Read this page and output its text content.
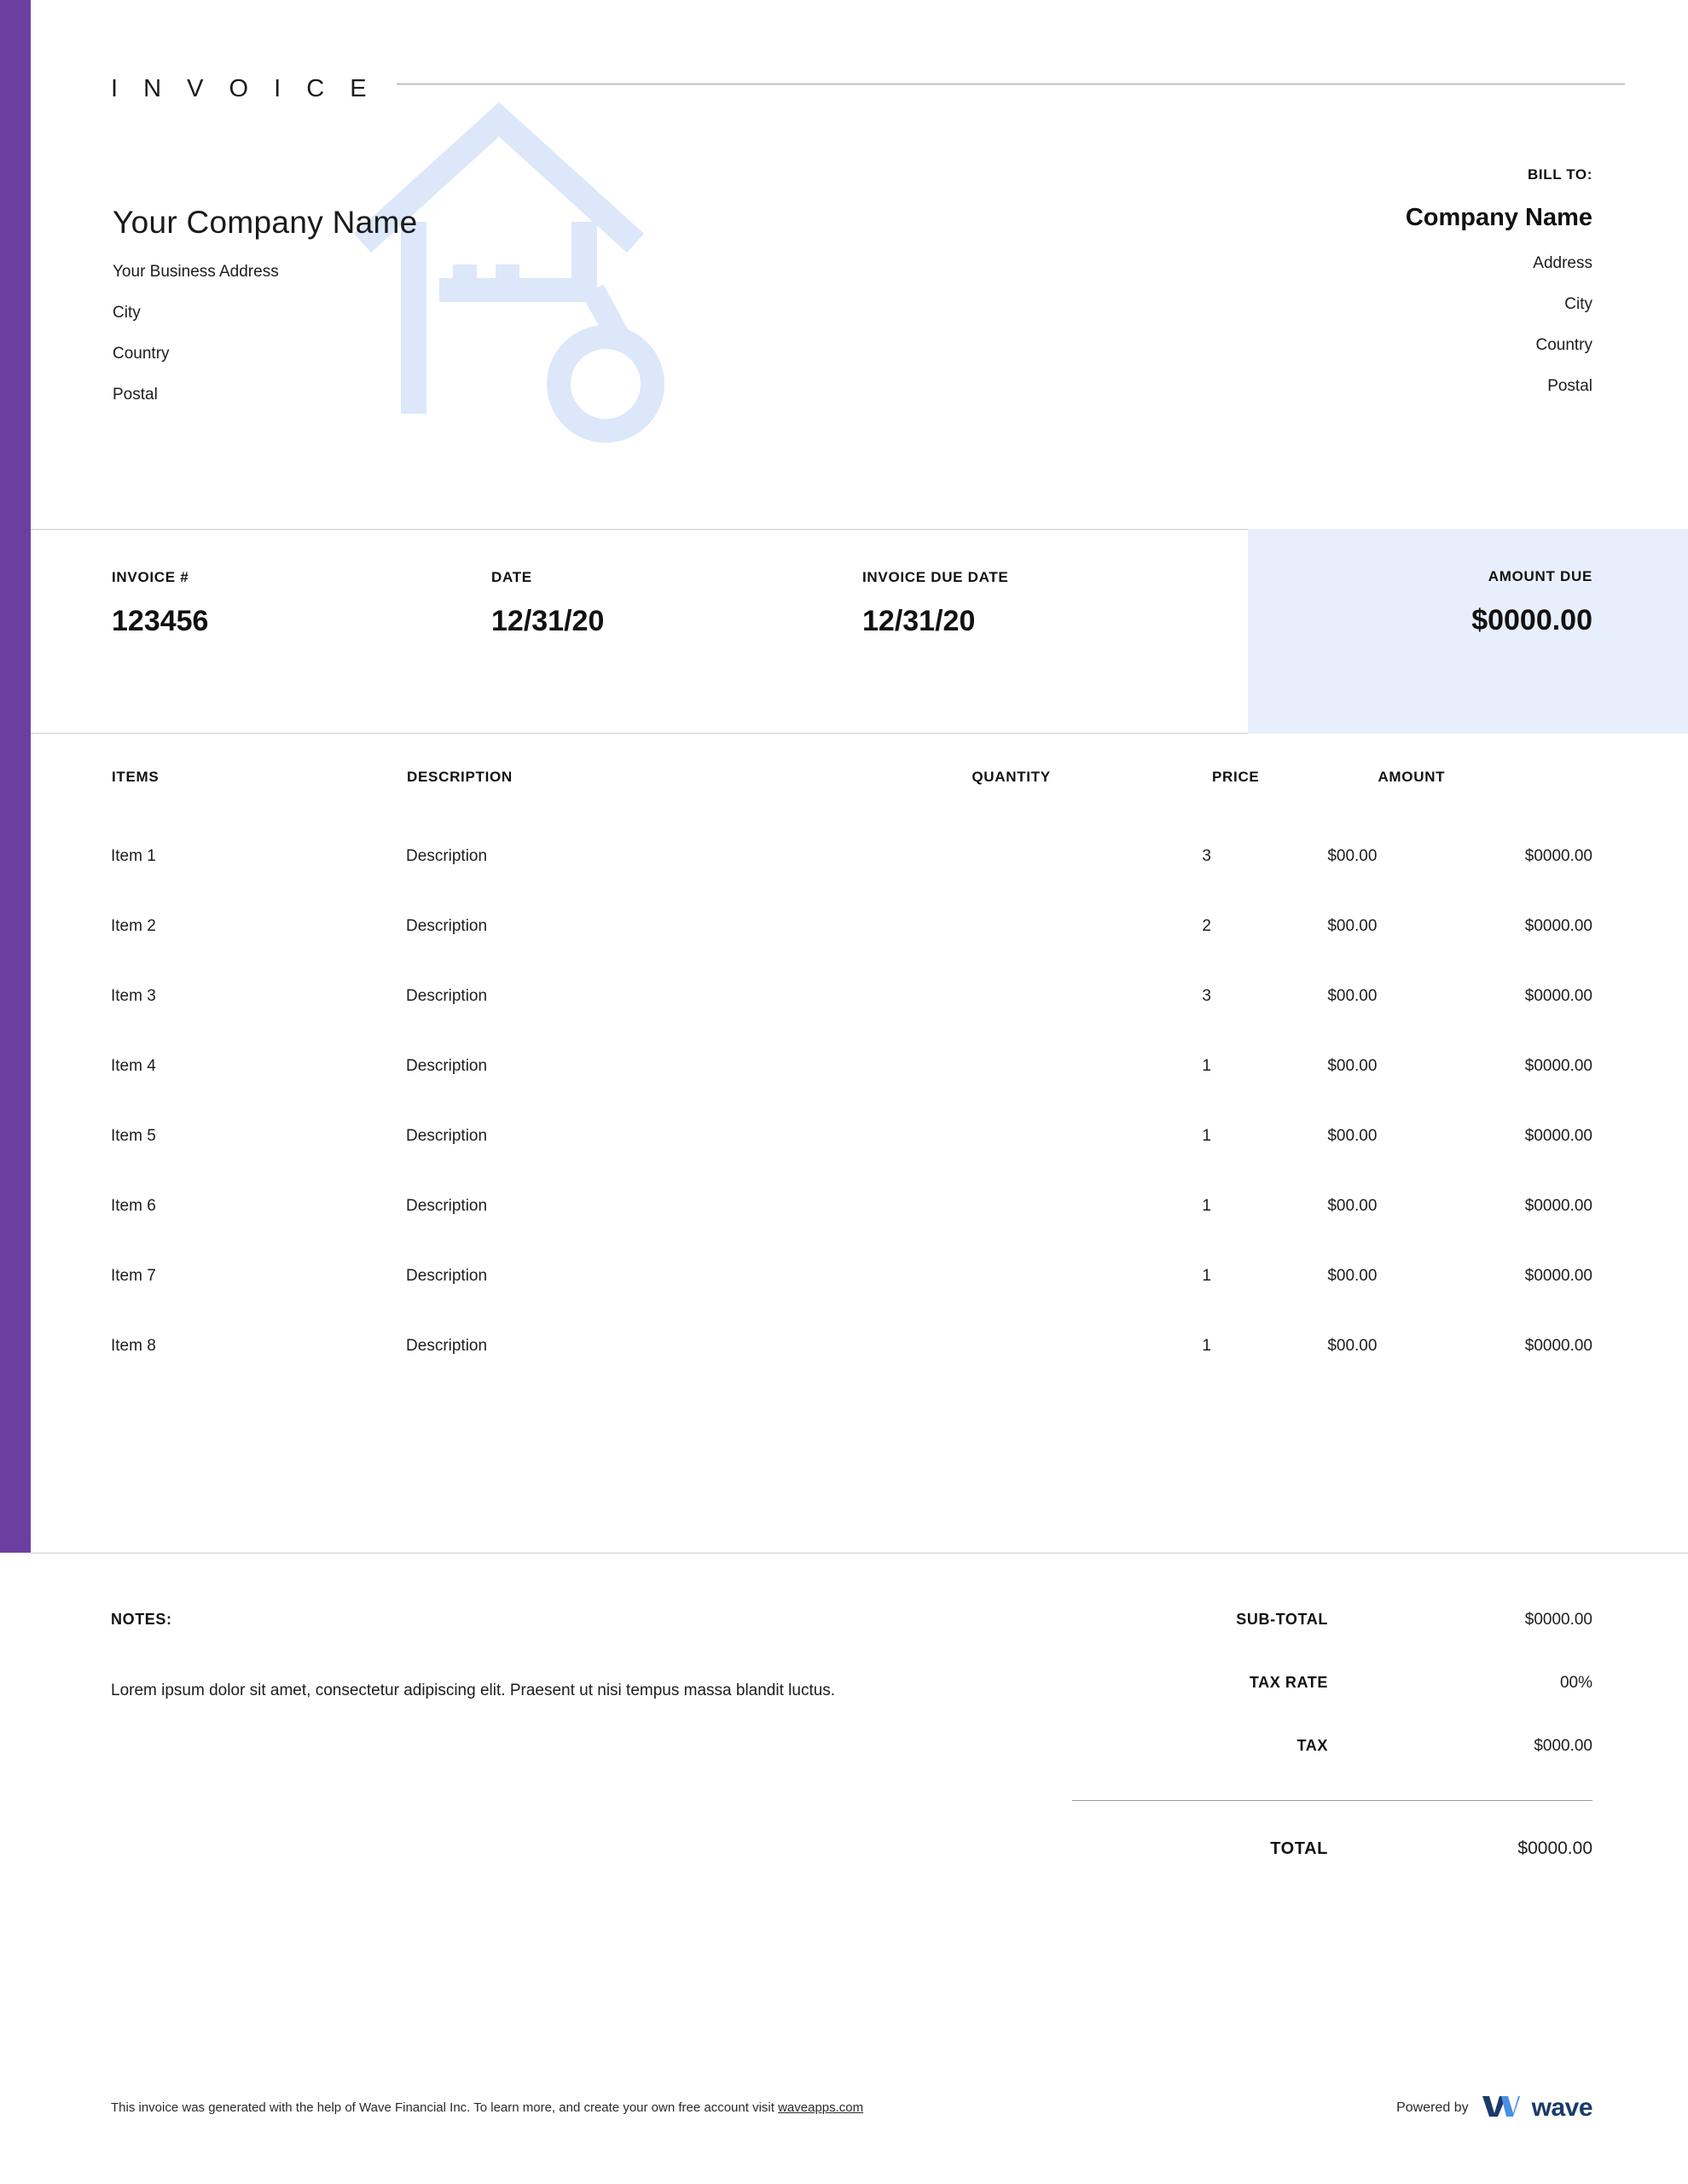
I N V O I C E
Your Company Name
Your Business Address
City
Country
Postal
BILL TO:
Company Name
Address
City
Country
Postal
INVOICE #
123456
DATE
12/31/20
INVOICE DUE DATE
12/31/20
AMOUNT DUE
$0000.00
ITEMS	DESCRIPTION	QUANTITY	PRICE	AMOUNT
Item 1	Description	3	$00.00	$0000.00
Item 2	Description	2	$00.00	$0000.00
Item 3	Description	3	$00.00	$0000.00
Item 4	Description	1	$00.00	$0000.00
Item 5	Description	1	$00.00	$0000.00
Item 6	Description	1	$00.00	$0000.00
Item 7	Description	1	$00.00	$0000.00
Item 8	Description	1	$00.00	$0000.00
NOTES:
Lorem ipsum dolor sit amet, consectetur adipiscing elit. Praesent ut nisi tempus massa blandit luctus.
SUB-TOTAL	$0000.00
TAX RATE	00%
TAX	$000.00
TOTAL	$0000.00
This invoice was generated with the help of Wave Financial Inc. To learn more, and create your own free account visit waveapps.com	Powered by wave
